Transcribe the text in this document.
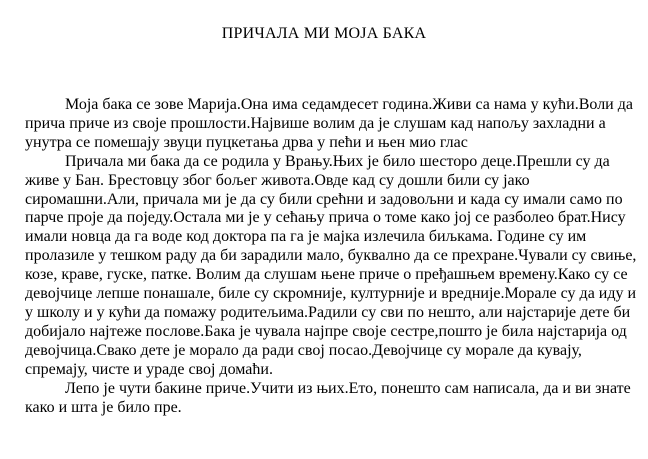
ПРИЧАЛА МИ МОЈА БАКА

Моја бака се зове Марија.Она има седамдесет година.Живи са нама у кући.Воли да прича приче из своје прошлости.Највише волим да је слушам кад напољу захладни а унутра се помешају звуци пуцкетања дрва у пећи и њен мио глас

Причала ми бака да се родила у Врању.Њих је било шесторо деце.Прешли су да живе у Бан. Брестовцу због бољег живота.Овде кад су дошли били су јако сиромашни.Али, причала ми је да су били срећни и задовољни и када су имали само по парче проје да поједу.Остала ми је у сећању прича о томе како јој се разболео брат.Нису имали новца да га воде код доктора па га је мајка излечила биљкама. Године су им пролазиле у тешком раду да би зарадили мало, буквално да се прехране.Чували су свиње, козе, краве, гуске, патке. Волим да слушам њене приче о пређашњем времену.Како су се девојчице лепше понашале, биле су скромније, културније и вредније.Морале су да иду и у школу и у кући да помажу родитељима.Радили су сви по нешто, али најстарије дете би добијало најтеже послове.Бака је чувала најпре своје сестре,пошто је била најстарија од девојчица.Свако дете је морало да ради свој посао.Девојчице су морале да кувају, спремају, чисте и ураде свој домаћи.

Лепо је чути бакине приче.Учити из њих.Ето, понешто сам написала, да и ви знате како и шта је било пре.
